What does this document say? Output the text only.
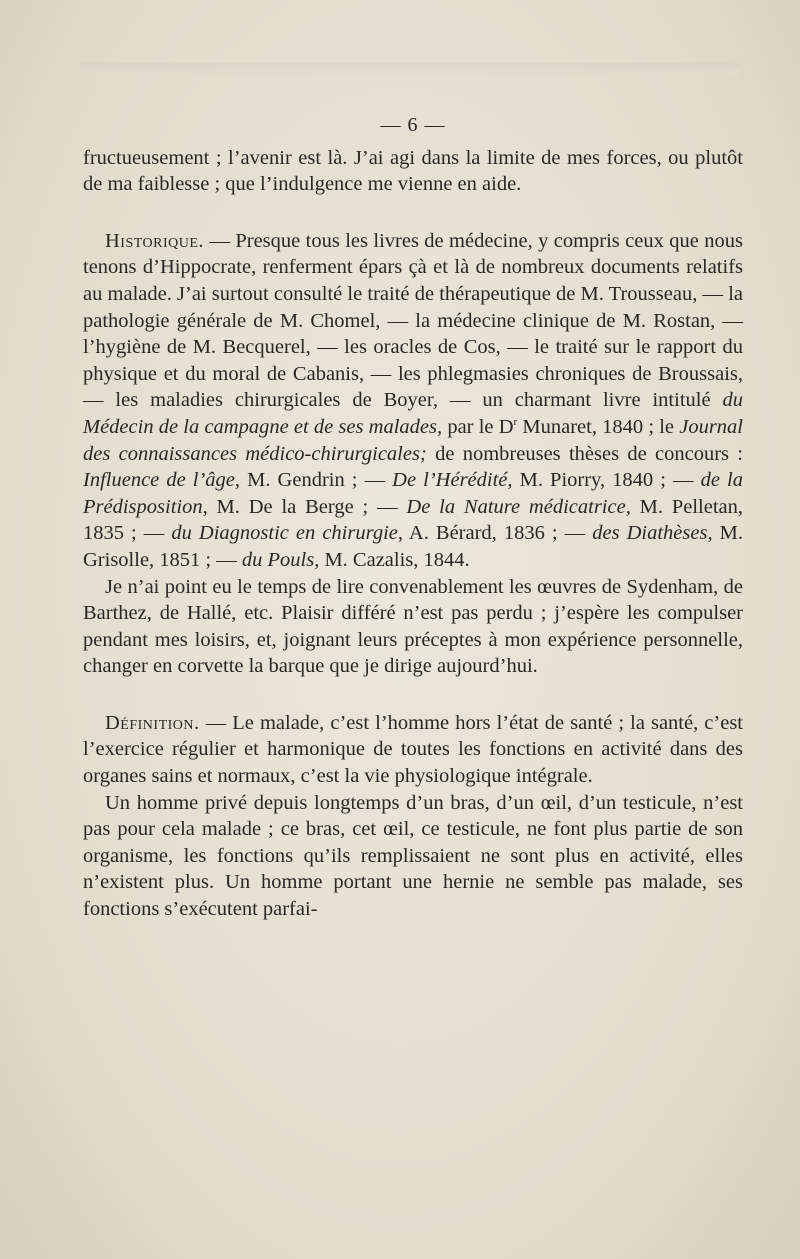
— 6 —

fructueusement ; l’avenir est là. J’ai agi dans la limite de mes forces, ou plutôt de ma faiblesse ; que l’indulgence me vienne en aide.

Historique. — Presque tous les livres de médecine, y compris ceux que nous tenons d’Hippocrate, renferment épars çà et là de nombreux documents relatifs au malade. J’ai surtout consulté le traité de thérapeutique de M. Trousseau, — la pathologie générale de M. Chomel, — la médecine clinique de M. Rostan, — l’hygiène de M. Becquerel, — les oracles de Cos, — le traité sur le rapport du physique et du moral de Cabanis, — les phlegmasies chroniques de Broussais, — les maladies chirurgicales de Boyer, — un charmant livre intitulé du Médecin de la campagne et de ses malades, par le $D^r$ Munaret, 1840 ; le Journal des connaissances médico-chirurgicales; de nombreuses thèses de concours : Influence de l’âge, M. Gendrin ; — De l’Hérédité, M. Piorry, 1840 ; — de la Prédisposition, M. De la Berge ; — De la Nature médicatrice, M. Pelletan, 1835 ; — du Diagnostic en chirurgie, A. Bérard, 1836 ; — des Diathèses, M. Grisolle, 1851 ; — du Pouls, M. Cazalis, 1844.

Je n’ai point eu le temps de lire convenablement les œuvres de Sydenham, de Barthez, de Hallé, etc. Plaisir différé n’est pas perdu ; j’espère les compulser pendant mes loisirs, et, joignant leurs préceptes à mon expérience personnelle, changer en corvette la barque que je dirige aujourd’hui.

Définition. — Le malade, c’est l’homme hors l’état de santé ; la santé, c’est l’exercice régulier et harmonique de toutes les fonctions en activité dans des organes sains et normaux, c’est la vie physiologique intégrale.

Un homme privé depuis longtemps d’un bras, d’un œil, d’un testicule, n’est pas pour cela malade ; ce bras, cet œil, ce testicule, ne font plus partie de son organisme, les fonctions qu’ils remplissaient ne sont plus en activité, elles n’existent plus. Un homme portant une hernie ne semble pas malade, ses fonctions s’exécutent parfai-
